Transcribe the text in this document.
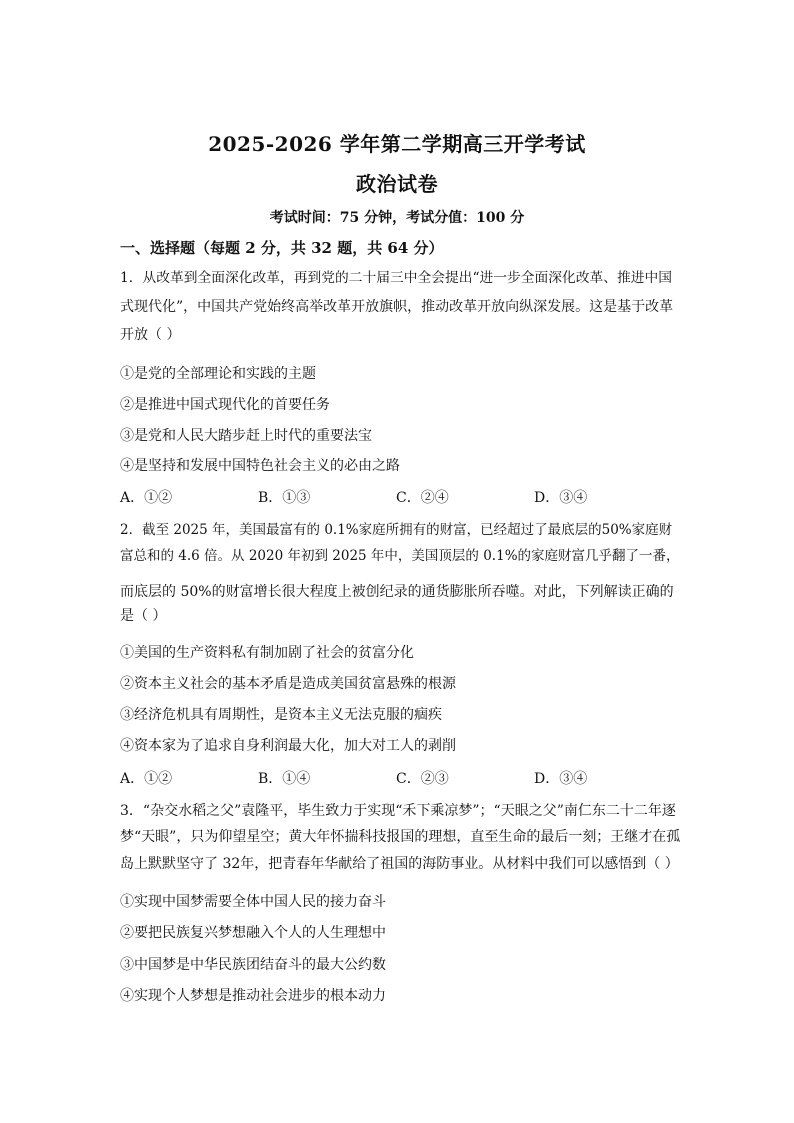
2025-2026 学年第二学期高三开学考试
政治试卷
考试时间：75 分钟，考试分值：100 分
一、选择题（每题 2 分，共 32 题，共 64 分）
1．从改革到全面深化改革，再到党的二十届三中全会提出“进一步全面深化改革、推进中国
式现代化”，中国共产党始终高举改革开放旗帜，推动改革开放向纵深发展。这是基于改革
开放（ ）
①是党的全部理论和实践的主题
②是推进中国式现代化的首要任务
③是党和人民大踏步赶上时代的重要法宝
④是坚持和发展中国特色社会主义的必由之路
A．①②	B．①③	C．②④	D．③④
2．截至 2025 年，美国最富有的 0.1%家庭所拥有的财富，已经超过了最底层的50%家庭财
富总和的 4.6 倍。从 2020 年初到 2025 年中，美国顶层的 0.1%的家庭财富几乎翻了一番，
而底层的 50%的财富增长很大程度上被创纪录的通货膨胀所吞噬。对此，下列解读正确的
是（ ）
①美国的生产资料私有制加剧了社会的贫富分化
②资本主义社会的基本矛盾是造成美国贫富悬殊的根源
③经济危机具有周期性，是资本主义无法克服的痼疾
④资本家为了追求自身利润最大化，加大对工人的剥削
A．①②	B．①④	C．②③	D．③④
3．“杂交水稻之父”袁隆平，毕生致力于实现“禾下乘凉梦”；“天眼之父”南仁东二十二年逐
梦“天眼”，只为仰望星空；黄大年怀揣科技报国的理想，直至生命的最后一刻；王继才在孤
岛上默默坚守了 32年，把青春年华献给了祖国的海防事业。从材料中我们可以感悟到（ ）
①实现中国梦需要全体中国人民的接力奋斗
②要把民族复兴梦想融入个人的人生理想中
③中国梦是中华民族团结奋斗的最大公约数
④实现个人梦想是推动社会进步的根本动力
